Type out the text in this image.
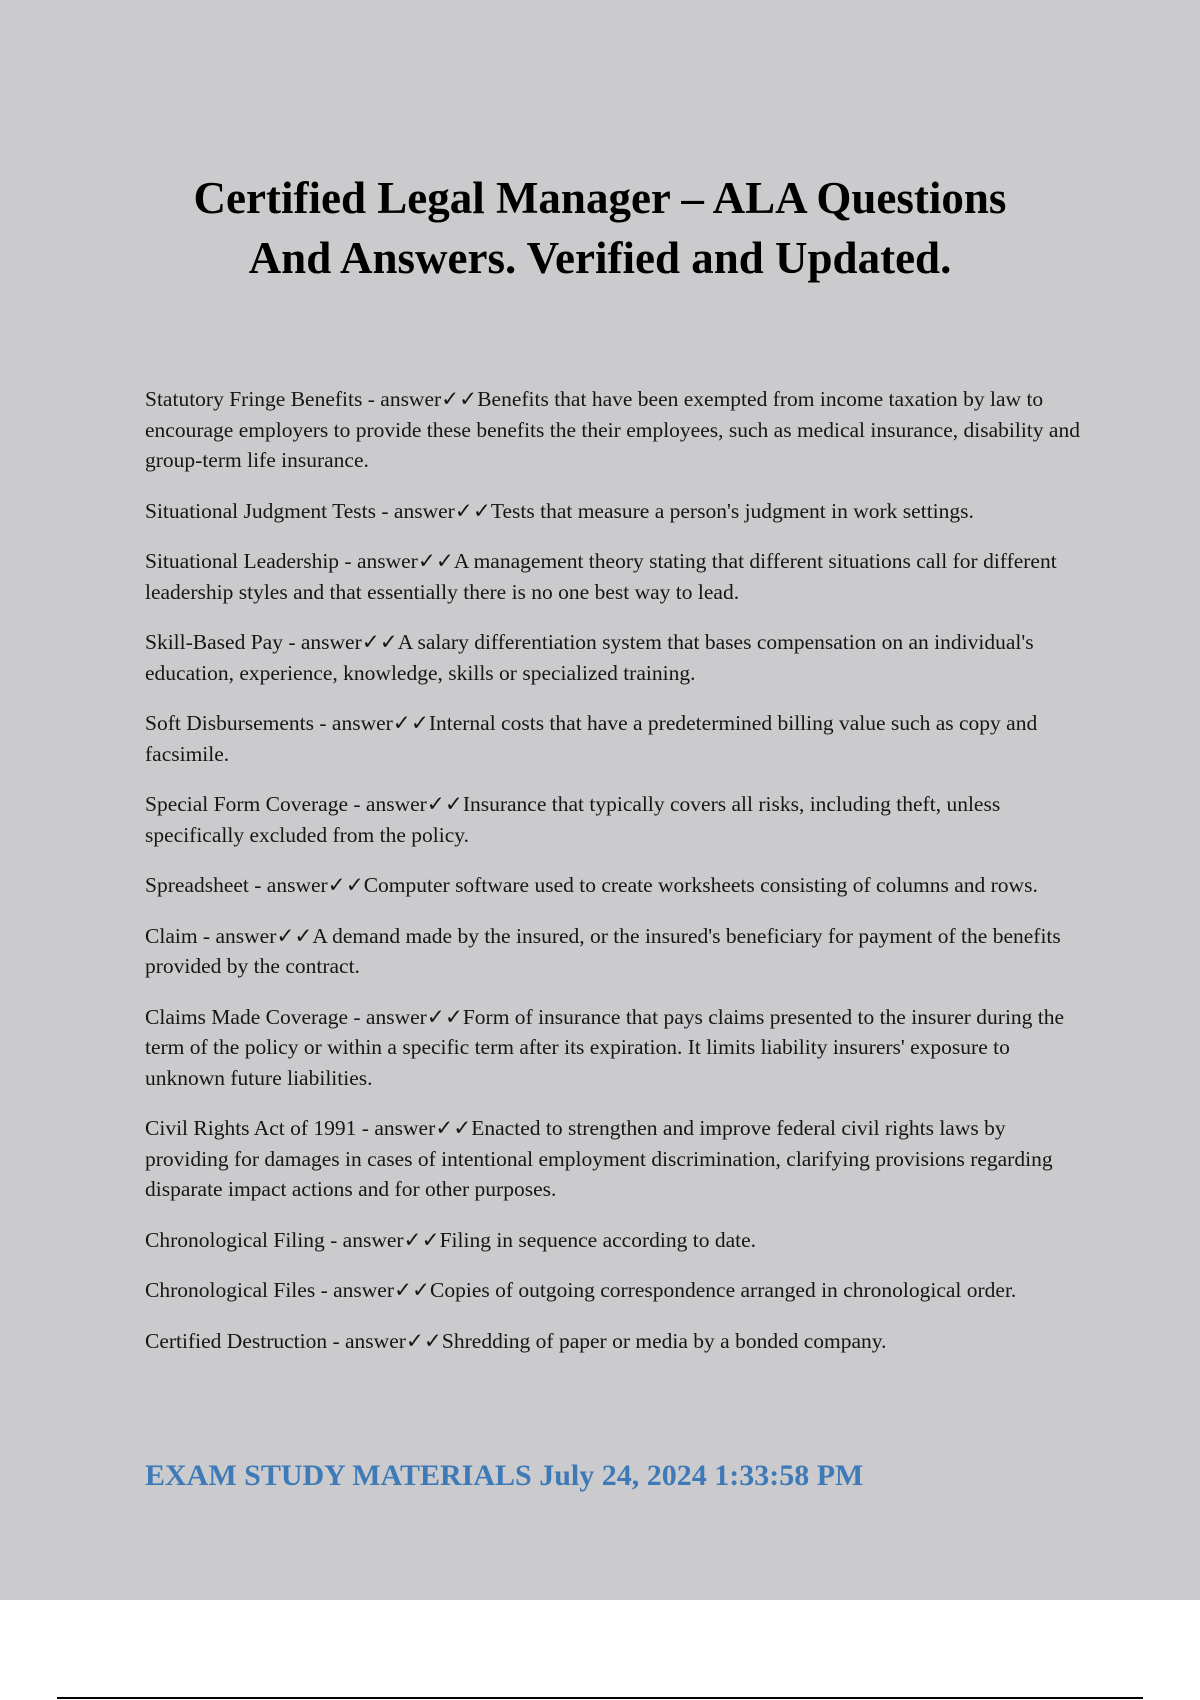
Certified Legal Manager – ALA Questions
And Answers. Verified and Updated.

Statutory Fringe Benefits - answer✓✓Benefits that have been exempted from income taxation by law to encourage employers to provide these benefits the their employees, such as medical insurance, disability and group-term life insurance.

Situational Judgment Tests - answer✓✓Tests that measure a person's judgment in work settings.

Situational Leadership - answer✓✓A management theory stating that different situations call for different leadership styles and that essentially there is no one best way to lead.

Skill-Based Pay - answer✓✓A salary differentiation system that bases compensation on an individual's education, experience, knowledge, skills or specialized training.

Soft Disbursements - answer✓✓Internal costs that have a predetermined billing value such as copy and facsimile.

Special Form Coverage - answer✓✓Insurance that typically covers all risks, including theft, unless specifically excluded from the policy.

Spreadsheet - answer✓✓Computer software used to create worksheets consisting of columns and rows.

Claim - answer✓✓A demand made by the insured, or the insured's beneficiary for payment of the benefits provided by the contract.

Claims Made Coverage - answer✓✓Form of insurance that pays claims presented to the insurer during the term of the policy or within a specific term after its expiration. It limits liability insurers' exposure to unknown future liabilities.

Civil Rights Act of 1991 - answer✓✓Enacted to strengthen and improve federal civil rights laws by providing for damages in cases of intentional employment discrimination, clarifying provisions regarding disparate impact actions and for other purposes.

Chronological Filing - answer✓✓Filing in sequence according to date.

Chronological Files - answer✓✓Copies of outgoing correspondence arranged in chronological order.

Certified Destruction - answer✓✓Shredding of paper or media by a bonded company.

EXAM STUDY MATERIALS July 24, 2024 1:33:58 PM
